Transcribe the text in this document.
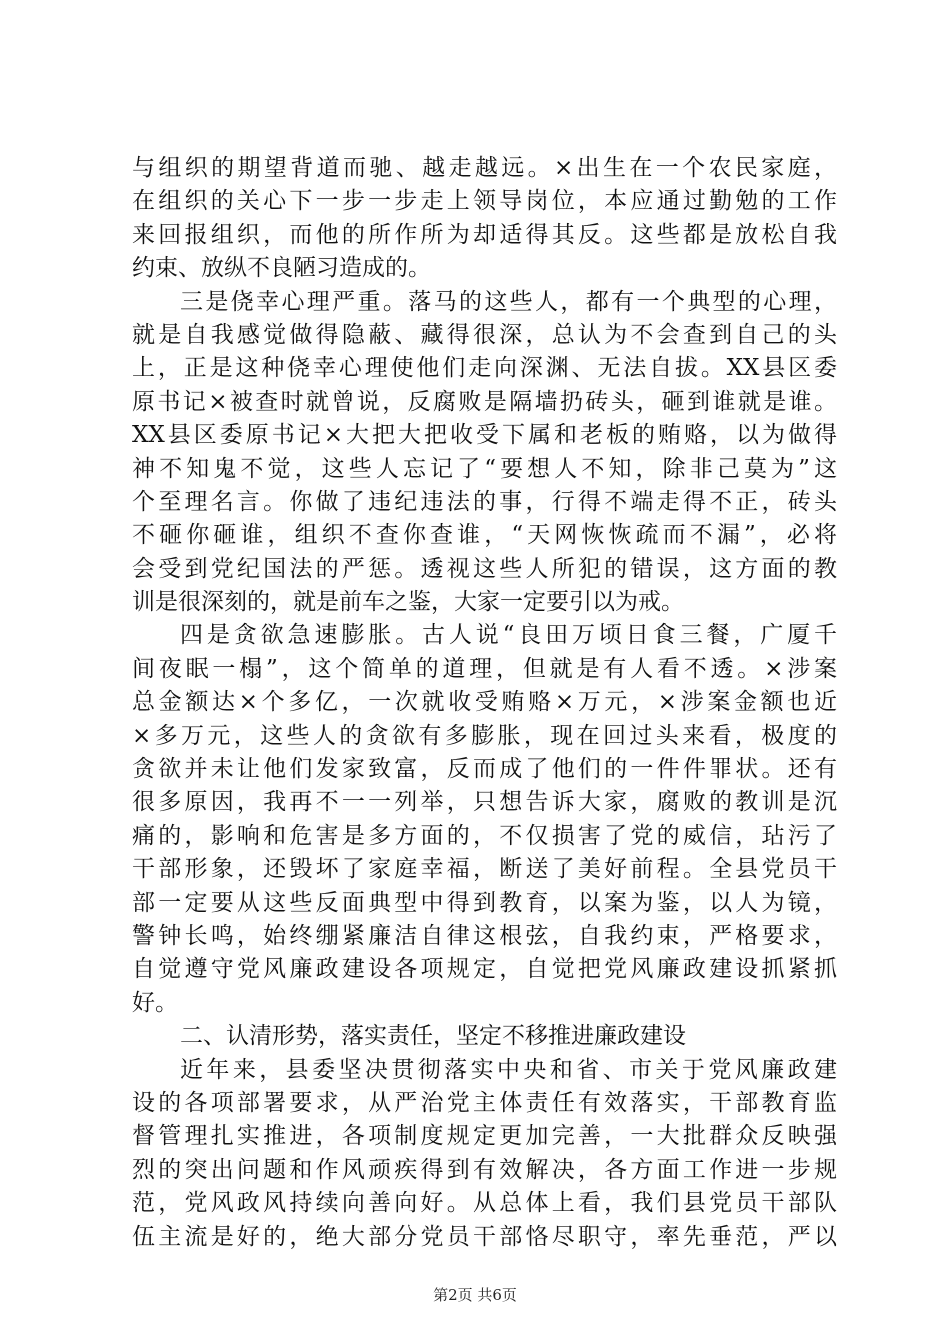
与组织的期望背道而驰、越走越远。×出生在一个农民家庭，
在组织的关心下一步一步走上领导岗位，本应通过勤勉的工作
来回报组织，而他的所作所为却适得其反。这些都是放松自我
约束、放纵不良陋习造成的。
三是侥幸心理严重。落马的这些人，都有一个典型的心理，
就是自我感觉做得隐蔽、藏得很深，总认为不会查到自己的头
上，正是这种侥幸心理使他们走向深渊、无法自拔。XX县区委
原书记×被查时就曾说，反腐败是隔墙扔砖头，砸到谁就是谁。
XX县区委原书记×大把大把收受下属和老板的贿赂，以为做得
神不知鬼不觉，这些人忘记了“要想人不知，除非己莫为”这
个至理名言。你做了违纪违法的事，行得不端走得不正，砖头
不砸你砸谁，组织不查你查谁，“天网恢恢疏而不漏”，必将
会受到党纪国法的严惩。透视这些人所犯的错误，这方面的教
训是很深刻的，就是前车之鉴，大家一定要引以为戒。
四是贪欲急速膨胀。古人说“良田万顷日食三餐，广厦千
间夜眠一榻”，这个简单的道理，但就是有人看不透。×涉案
总金额达×个多亿，一次就收受贿赂×万元，×涉案金额也近
×多万元，这些人的贪欲有多膨胀，现在回过头来看，极度的
贪欲并未让他们发家致富，反而成了他们的一件件罪状。还有
很多原因，我再不一一列举，只想告诉大家，腐败的教训是沉
痛的，影响和危害是多方面的，不仅损害了党的威信，玷污了
干部形象，还毁坏了家庭幸福，断送了美好前程。全县党员干
部一定要从这些反面典型中得到教育，以案为鉴，以人为镜，
警钟长鸣，始终绷紧廉洁自律这根弦，自我约束，严格要求，
自觉遵守党风廉政建设各项规定，自觉把党风廉政建设抓紧抓
好。
二、认清形势，落实责任，坚定不移推进廉政建设
近年来，县委坚决贯彻落实中央和省、市关于党风廉政建
设的各项部署要求，从严治党主体责任有效落实，干部教育监
督管理扎实推进，各项制度规定更加完善，一大批群众反映强
烈的突出问题和作风顽疾得到有效解决，各方面工作进一步规
范，党风政风持续向善向好。从总体上看，我们县党员干部队
伍主流是好的，绝大部分党员干部恪尽职守，率先垂范，严以
第2页 共6页
